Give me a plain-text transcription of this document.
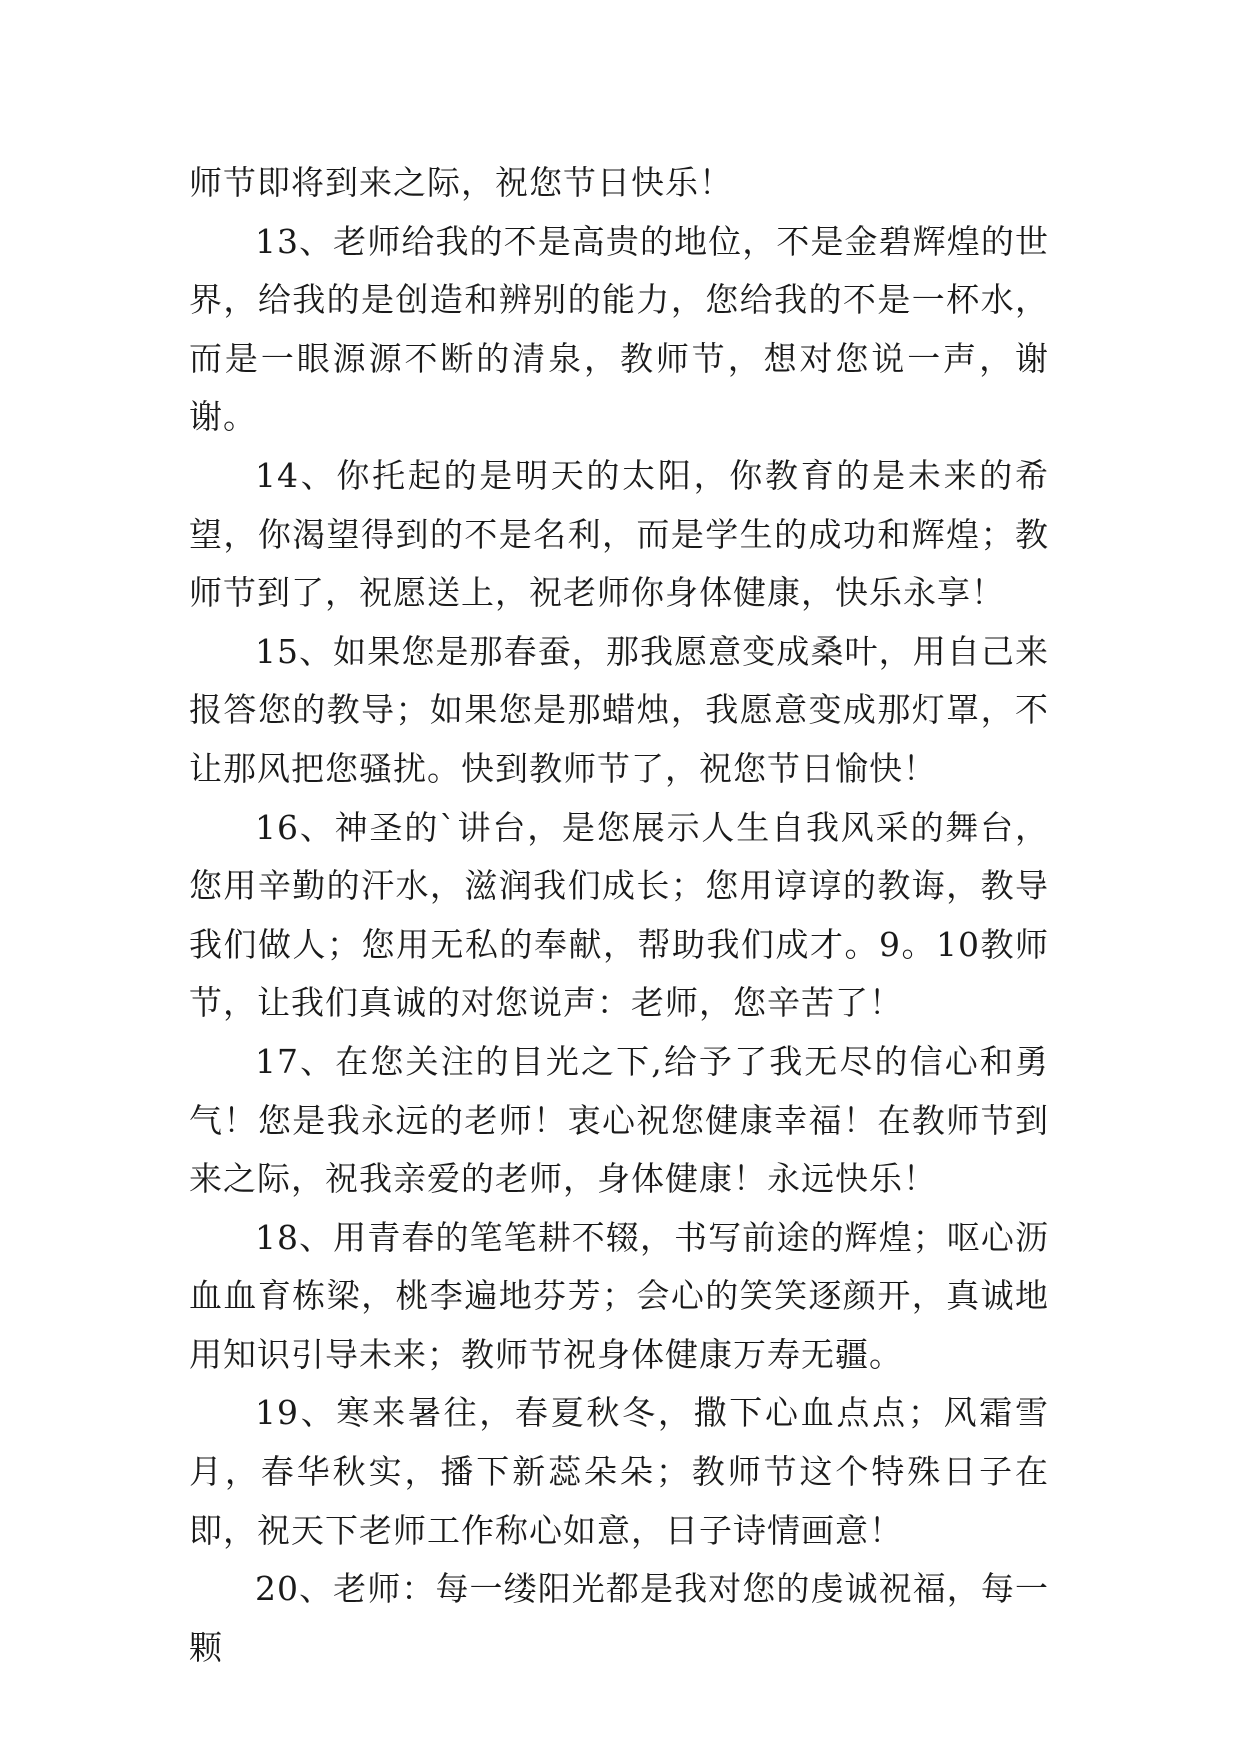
师节即将到来之际，祝您节日快乐！

13、老师给我的不是高贵的地位，不是金碧辉煌的世界，给我的是创造和辨别的能力，您给我的不是一杯水，而是一眼源源不断的清泉，教师节，想对您说一声，谢谢。

14、你托起的是明天的太阳，你教育的是未来的希望，你渴望得到的不是名利，而是学生的成功和辉煌；教师节到了，祝愿送上，祝老师你身体健康，快乐永享！

15、如果您是那春蚕，那我愿意变成桑叶，用自己来报答您的教导；如果您是那蜡烛，我愿意变成那灯罩，不让那风把您骚扰。快到教师节了，祝您节日愉快！

16、神圣的`讲台，是您展示人生自我风采的舞台，您用辛勤的汗水，滋润我们成长；您用谆谆的教诲，教导我们做人；您用无私的奉献，帮助我们成才。9。10教师节，让我们真诚的对您说声：老师，您辛苦了！

17、在您关注的目光之下,给予了我无尽的信心和勇气！您是我永远的老师！衷心祝您健康幸福！在教师节到来之际，祝我亲爱的老师，身体健康！永远快乐！

18、用青春的笔笔耕不辍，书写前途的辉煌；呕心沥血血育栋梁，桃李遍地芬芳；会心的笑笑逐颜开，真诚地用知识引导未来；教师节祝身体健康万寿无疆。

19、寒来暑往，春夏秋冬，撒下心血点点；风霜雪月，春华秋实，播下新蕊朵朵；教师节这个特殊日子在即，祝天下老师工作称心如意，日子诗情画意！

20、老师：每一缕阳光都是我对您的虔诚祝福，每一颗
